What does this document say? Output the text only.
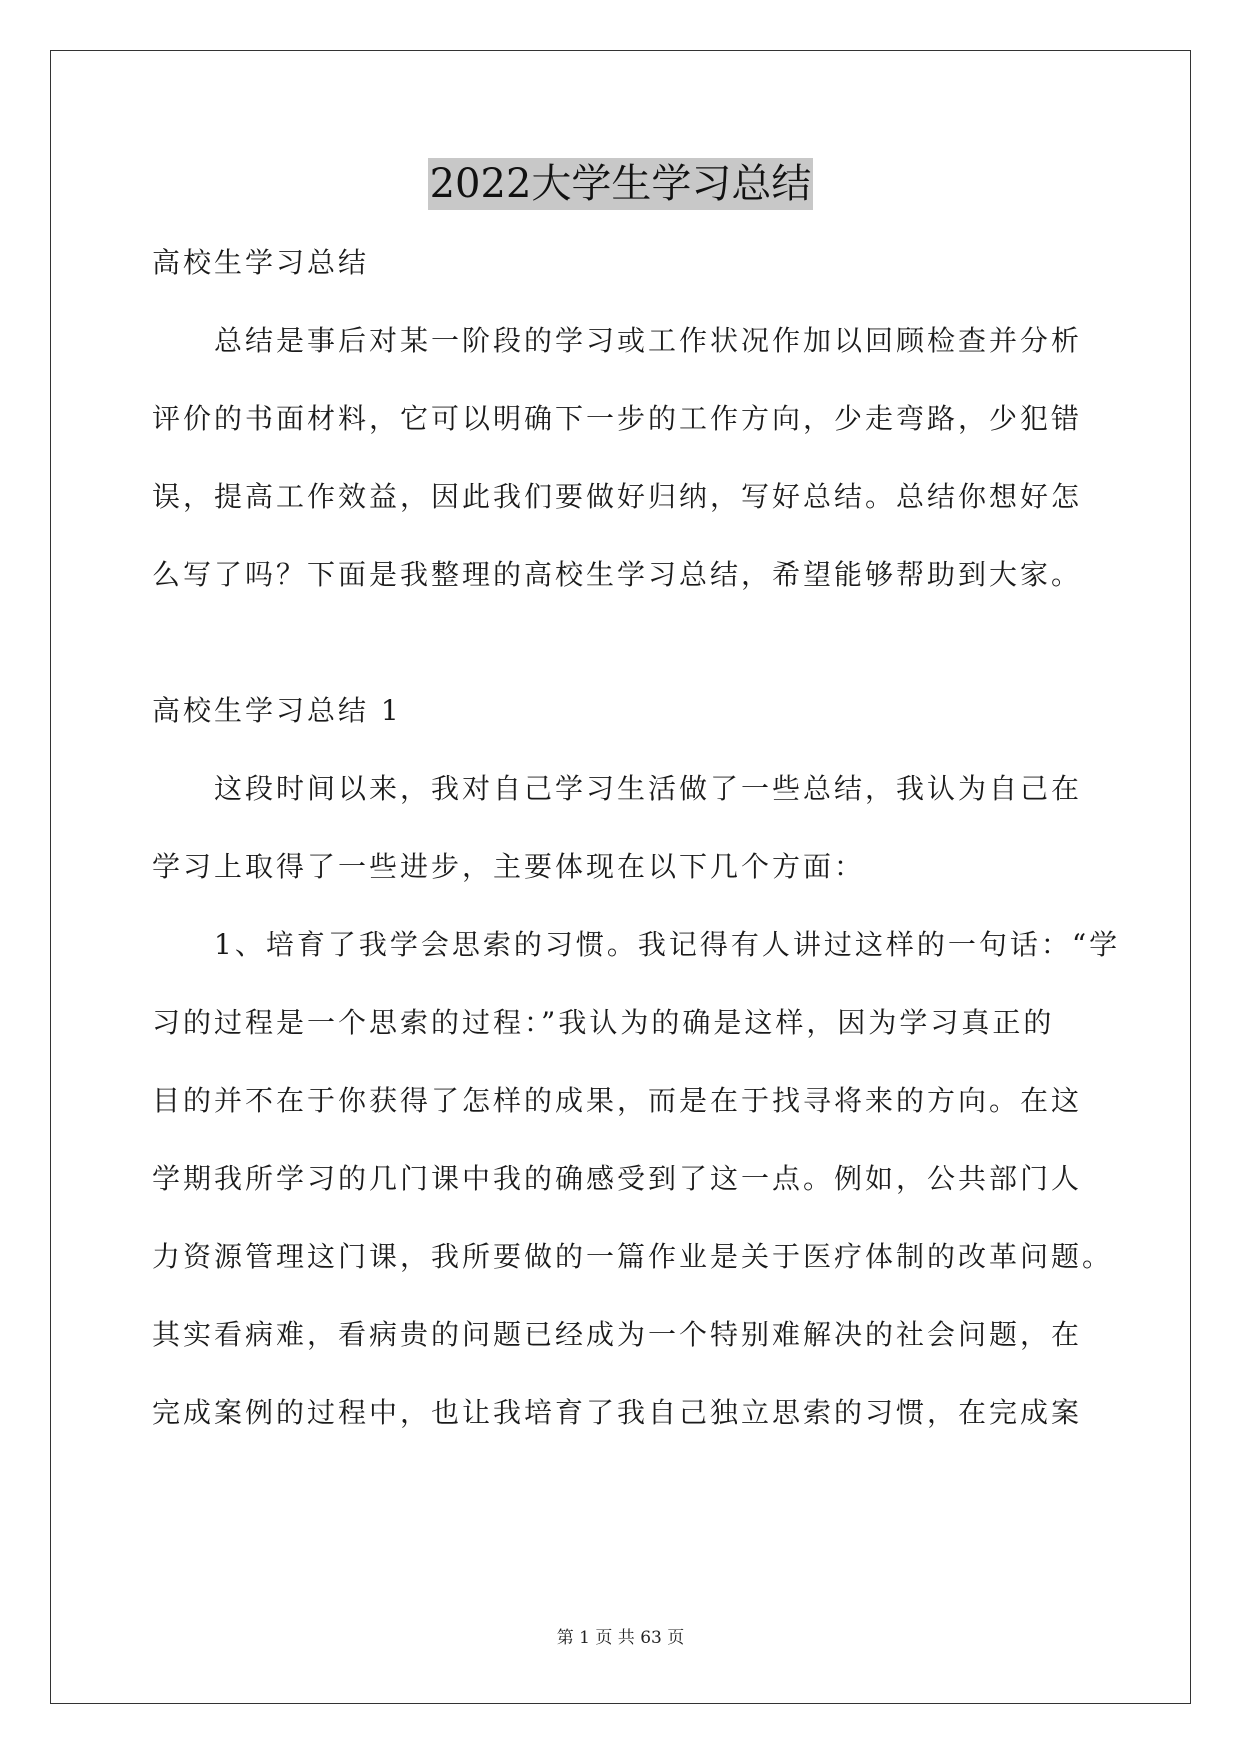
2022大学生学习总结
高校生学习总结
总结是事后对某一阶段的学习或工作状况作加以回顾检查并分析
评价的书面材料，它可以明确下一步的工作方向，少走弯路，少犯错
误，提高工作效益，因此我们要做好归纳，写好总结。总结你想好怎
么写了吗？下面是我整理的高校生学习总结，希望能够帮助到大家。
高校生学习总结 1
这段时间以来，我对自己学习生活做了一些总结，我认为自己在
学习上取得了一些进步，主要体现在以下几个方面：
1、培育了我学会思索的习惯。我记得有人讲过这样的一句话：“学
习的过程是一个思索的过程：”我认为的确是这样，因为学习真正的
目的并不在于你获得了怎样的成果，而是在于找寻将来的方向。在这
学期我所学习的几门课中我的确感受到了这一点。例如，公共部门人
力资源管理这门课，我所要做的一篇作业是关于医疗体制的改革问题。
其实看病难，看病贵的问题已经成为一个特别难解决的社会问题，在
完成案例的过程中，也让我培育了我自己独立思索的习惯，在完成案
第 1 页 共 63 页
